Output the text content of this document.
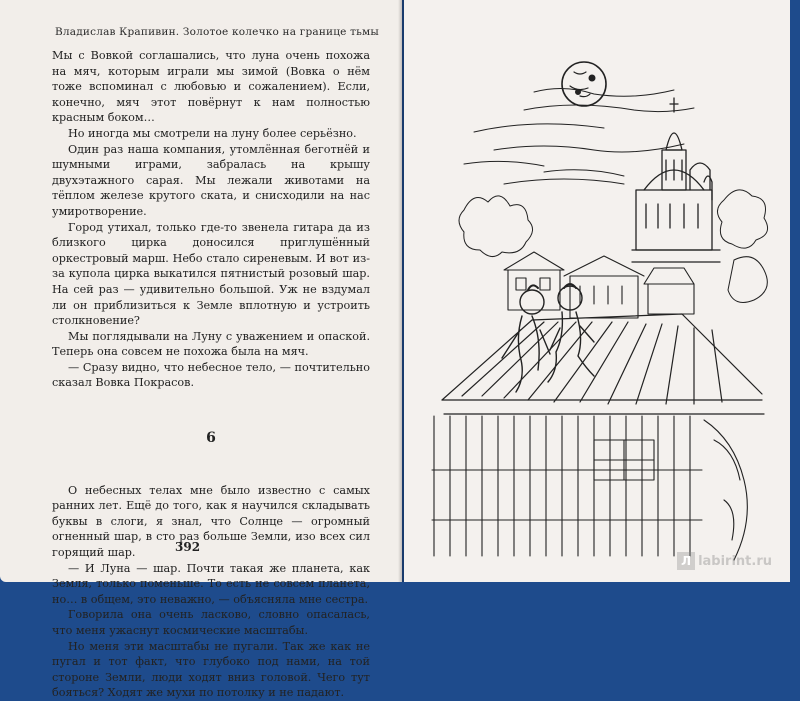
Владислав Крапивин. Золотое колечко на границе тьмы

Мы с Вовкой соглашались, что луна очень похожа на мяч, которым играли мы зимой (Вовка о нём тоже вспоминал с любовью и сожалением). Если, конечно, мяч этот повёрнут к нам полностью красным боком…

Но иногда мы смотрели на луну более серьёзно.

Один раз наша компания, утомлённая беготнёй и шумными играми, забралась на крышу двухэтажного сарая. Мы лежали животами на тёплом железе крутого ската, и снисходили на нас умиротворение.

Город утихал, только где-то звенела гитара да из близкого цирка доносился приглушённый оркестровый марш. Небо стало сиреневым. И вот из-за купола цирка выкатился пятнистый розовый шар. На сей раз — удивительно большой. Уж не вздумал ли он приблизиться к Земле вплотную и устроить столкновение?

Мы поглядывали на Луну с уважением и опаской. Теперь она совсем не похожа была на мяч.

— Сразу видно, что небесное тело, — почтительно сказал Вовка Покрасов.

6

О небесных телах мне было известно с самых ранних лет. Ещё до того, как я научился складывать буквы в слоги, я знал, что Солнце — огромный огненный шар, в сто раз больше Земли, изо всех сил горящий шар.

— И Луна — шар. Почти такая же планета, как Земля, только поменьше. То есть не совсем планета, но… в общем, это неважно, — объясняла мне сестра.

Говорила она очень ласково, словно опасалась, что меня ужаснут космические масштабы.

Но меня эти масштабы не пугали. Так же как не пугал и тот факт, что глубоко под нами, на той стороне Земли, люди ходят вниз головой. Чего тут бояться? Ходят же мухи по потолку и не падают.

392
Л labirint.ru
